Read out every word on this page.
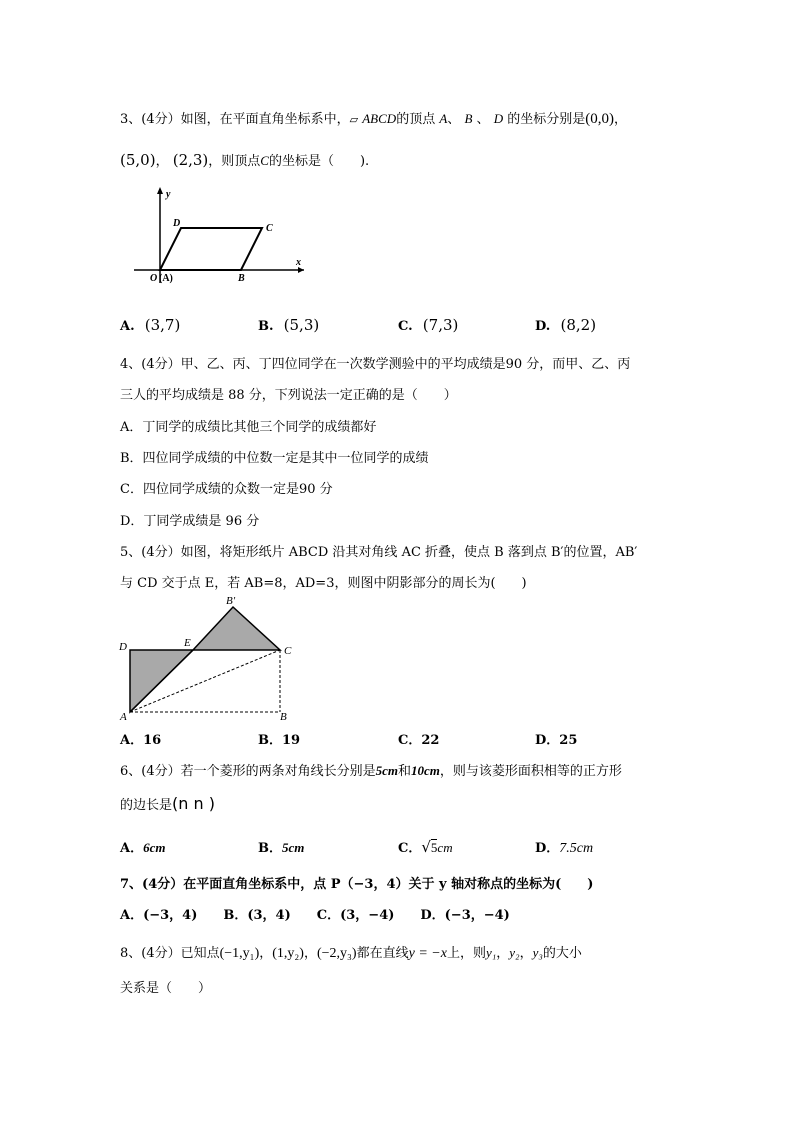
3、(4分）如图，在平面直角坐标系中，▱ ABCD的顶点 A、 B 、 D 的坐标分别是(0,0)，
(5,0)， (2,3)，则顶点C的坐标是（　　).
y
x
D	C
O (A)	B
A. (3,7)	B. (5,3)	C. (7,3)	D. (8,2)
4、(4分）甲、乙、丙、丁四位同学在一次数学测验中的平均成绩是90 分，而甲、乙、丙
三人的平均成绩是 88 分，下列说法一定正确的是（　　）
A．丁同学的成绩比其他三个同学的成绩都好
B．四位同学成绩的中位数一定是其中一位同学的成绩
C．四位同学成绩的众数一定是90 分
D．丁同学成绩是 96 分
5、(4分）如图，将矩形纸片 ABCD 沿其对角线 AC 折叠，使点 B 落到点 B′的位置，AB′
与 CD 交于点 E，若 AB=8，AD=3，则图中阴影部分的周长为(　　)
B′
D	E
C
A	B
A．16	B．19	C．22	D．25
6、(4分）若一个菱形的两条对角线长分别是5cm和10cm，则与该菱形面积相等的正方形
的边长是(n n )
A．6cm	B．5cm	C．√5cm	D．7.5cm
7、(4分）在平面直角坐标系中，点 P（−3，4）关于 y 轴对称点的坐标为(　　)
A．(−3，4)　　B．(3，4)　　C．(3，−4)　　D．(−3，−4)
8、(4分）已知点(−1,y₁)，(1,y₂)，(−2,y₃)都在直线y = −x上，则y₁，y₂，y₃的大小
关系是（　　）
